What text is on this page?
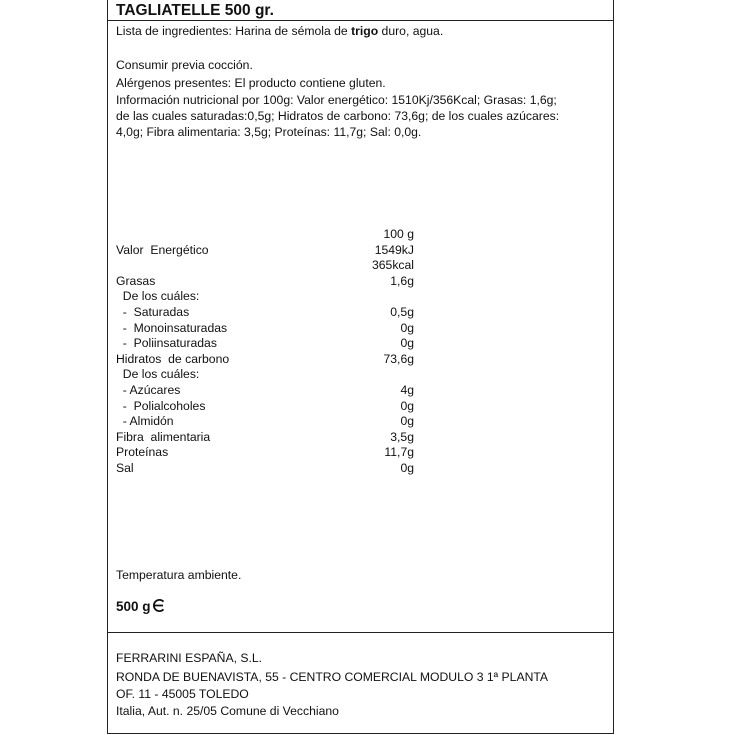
TAGLIATELLE 500 gr.
Lista de ingredientes: Harina de sémola de trigo duro, agua.
Consumir previa cocción.
Alérgenos presentes: El producto contiene gluten.
Información nutricional por 100g: Valor energético: 1510Kj/356Kcal; Grasas: 1,6g;
de las cuales saturadas:0,5g; Hidratos de carbono: 73,6g; de los cuales azúcares:
4,0g; Fibra alimentaria: 3,5g; Proteínas: 11,7g; Sal: 0,0g.
100 g
Valor  Energético	1549kJ
365kcal
Grasas	1,6g
De los cuáles:
-  Saturadas	0,5g
-  Monoinsaturadas	0g
-  Poliinsaturadas	0g
Hidratos  de carbono	73,6g
De los cuáles:
- Azúcares	4g
-  Polialcoholes	0g
- Almidón	0g
Fibra  alimentaria	3,5g
Proteínas	11,7g
Sal	0g
Temperatura ambiente.
500 g
FERRARINI ESPAÑA, S.L.
RONDA DE BUENAVISTA, 55 - CENTRO COMERCIAL MODULO 3 1ª PLANTA
OF. 11 - 45005 TOLEDO
Italia, Aut. n. 25/05 Comune di Vecchiano
